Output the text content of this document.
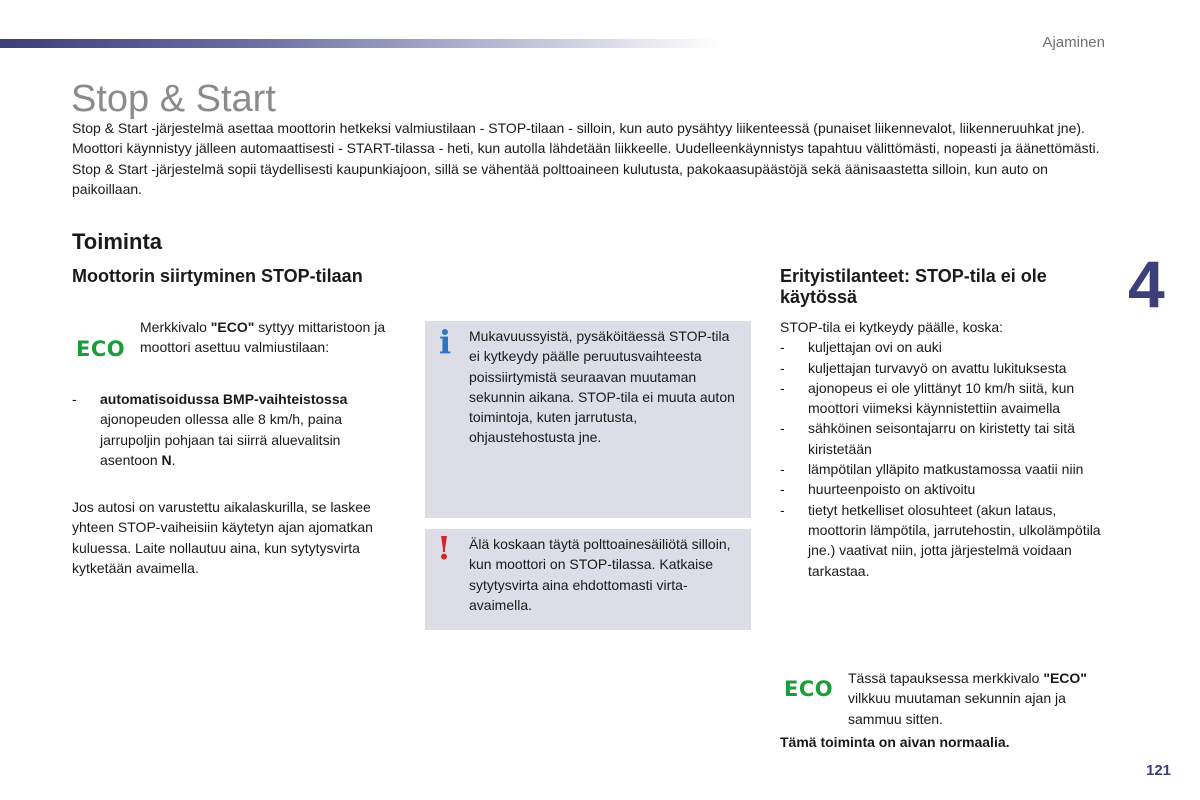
Ajaminen
Stop & Start

Stop & Start -järjestelmä asettaa moottorin hetkeksi valmiustilaan - STOP-tilaan - silloin, kun auto pysähtyy liikenteessä (punaiset liikennevalot, liikenneruuhkat jne). Moottori käynnistyy jälleen automaattisesti - START-tilassa - heti, kun autolla lähdetään liikkeelle. Uudelleenkäynnistys tapahtuu välittömästi, nopeasti ja äänettömästi.

Stop & Start -järjestelmä sopii täydellisesti kaupunkiajoon, sillä se vähentää polttoaineen kulutusta, pakokaasupäästöjä sekä äänisaastetta silloin, kun auto on paikoillaan.

4
Toiminta
Moottorin siirtyminen STOP-tilaan
ECO
Merkkivalo "ECO" syttyy mittaristoon ja moottori asettuu valmiustilaan:
-	automatisoidussa BMP-vaihteistossa ajonopeuden ollessa alle 8 km/h, paina jarrupoljin pohjaan tai siirrä aluevalitsin asentoon N.
Jos autosi on varustettu aikalaskurilla, se laskee yhteen STOP-vaiheisiin käytetyn ajan ajomatkan kuluessa. Laite nollautuu aina, kun sytytysvirta kytketään avaimella.
i Mukavuussyistä, pysäköitäessä STOP-tila ei kytkeydy päälle peruutusvaihteesta poissiirtymistä seuraavan muutaman sekunnin aikana. STOP-tila ei muuta auton toimintoja, kuten jarrutusta, ohjaustehostusta jne.
! Älä koskaan täytä polttoainesäiliötä silloin, kun moottori on STOP-tilassa. Katkaise sytytysvirta aina ehdottomasti virta-avaimella.
Erityistilanteet: STOP-tila ei ole käytössä

STOP-tila ei kytkeydy päälle, koska:

- kuljettajan ovi on auki
- kuljettajan turvavyö on avattu lukituksesta
- ajonopeus ei ole ylittänyt 10 km/h siitä, kun moottori viimeksi käynnistettiin avaimella
- sähköinen seisontajarru on kiristetty tai sitä kiristetään
- lämpötilan ylläpito matkustamossa vaatii niin
- huurteenpoisto on aktivoitu
- tietyt hetkelliset olosuhteet (akun lataus, moottorin lämpötila, jarrutehostin, ulkolämpötila jne.) vaativat niin, jotta järjestelmä voidaan tarkastaa.
ECO Tässä tapauksessa merkkivalo "ECO" vilkkuu muutaman sekunnin ajan ja sammuu sitten.
Tämä toiminta on aivan normaalia.
121
